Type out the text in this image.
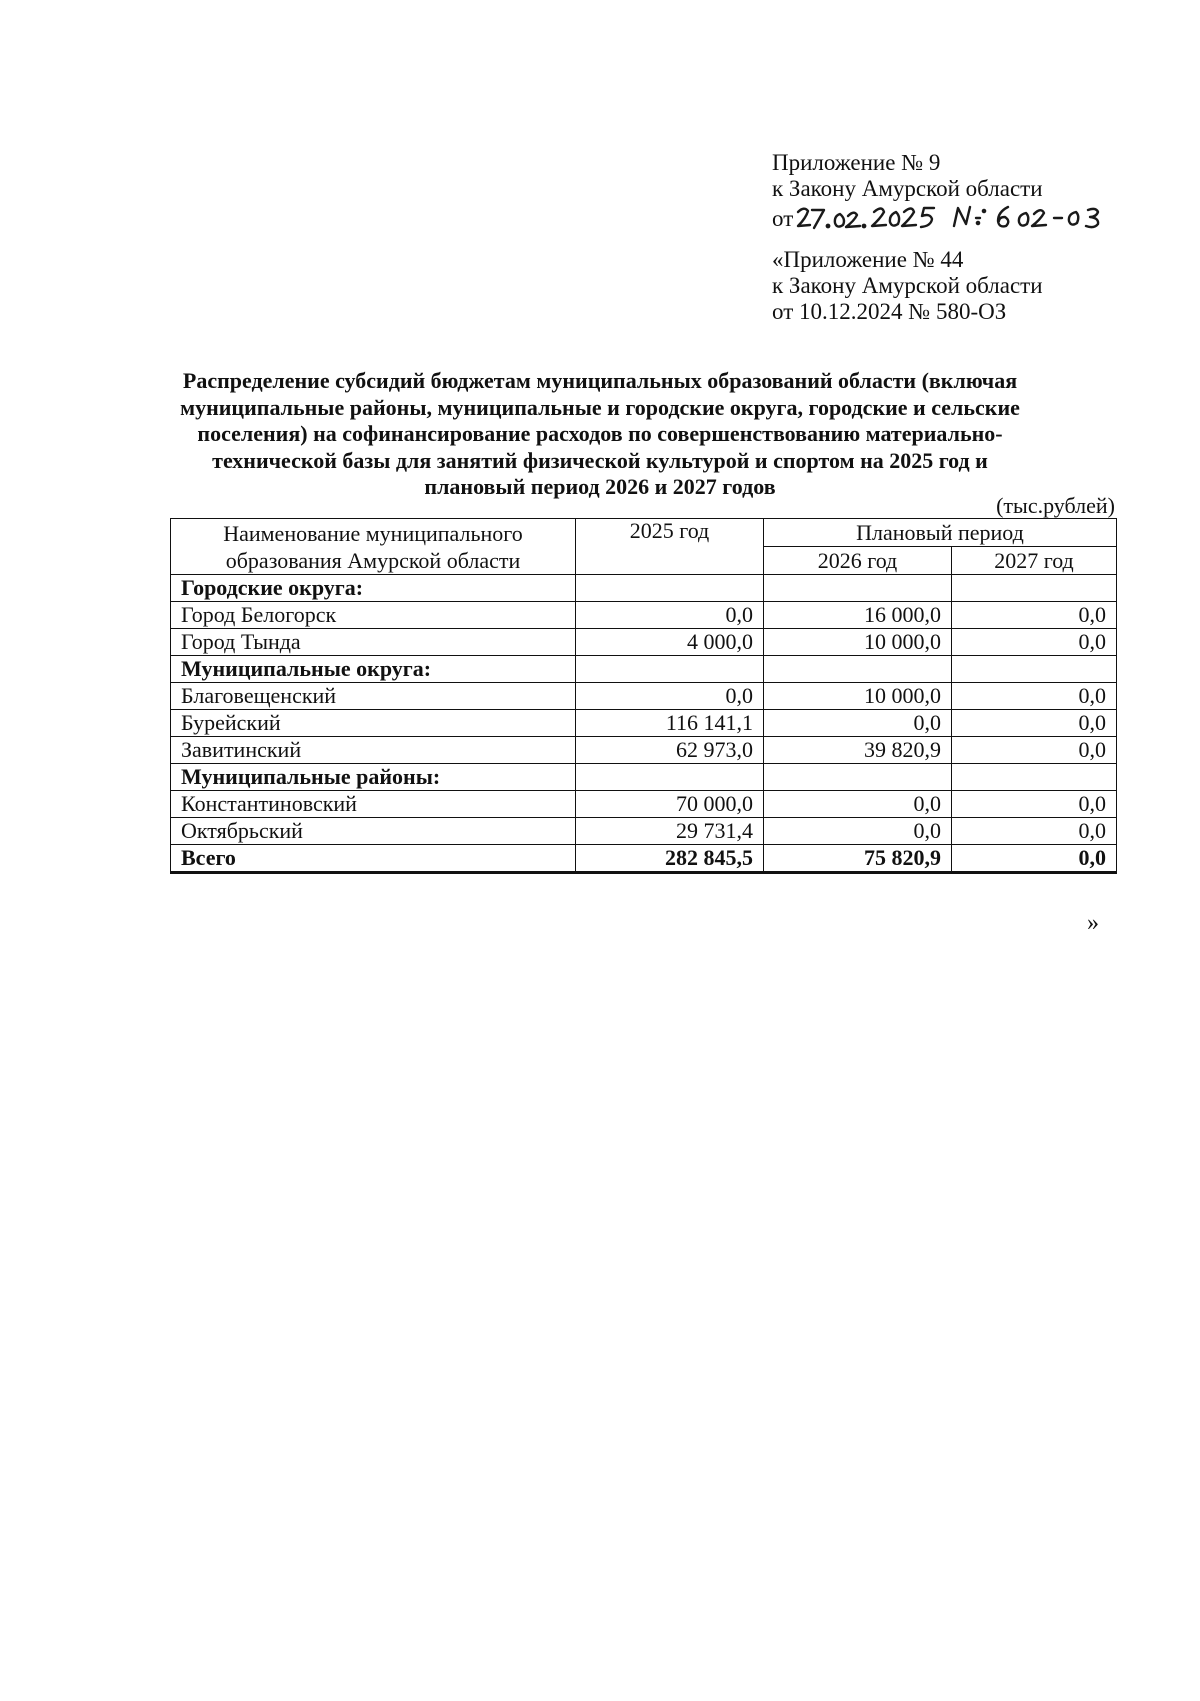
Приложение № 9
к Закону Амурской области
от
«Приложение № 44
к Закону Амурской области
от 10.12.2024 № 580-ОЗ
Распределение субсидий бюджетам муниципальных образований области (включая
муниципальные районы, муниципальные и городские округа, городские и сельские
поселения) на софинансирование расходов по совершенствованию материально-
технической базы для занятий физической культурой и спортом на 2025 год и
плановый период 2026 и 2027 годов
(тыс.рублей)
Наименование муниципального
образования Амурской области	2025 год	Плановый период	
		2026 год	2027 год
Городские округа:			
Город Белогорск	0,0	16 000,0	0,0
Город Тында	4 000,0	10 000,0	0,0
Муниципальные округа:			
Благовещенский	0,0	10 000,0	0,0
Бурейский	116 141,1	0,0	0,0
Завитинский	62 973,0	39 820,9	0,0
Муниципальные районы:			
Константиновский	70 000,0	0,0	0,0
Октябрьский	29 731,4	0,0	0,0
Всего	282 845,5	75 820,9	0,0
»
